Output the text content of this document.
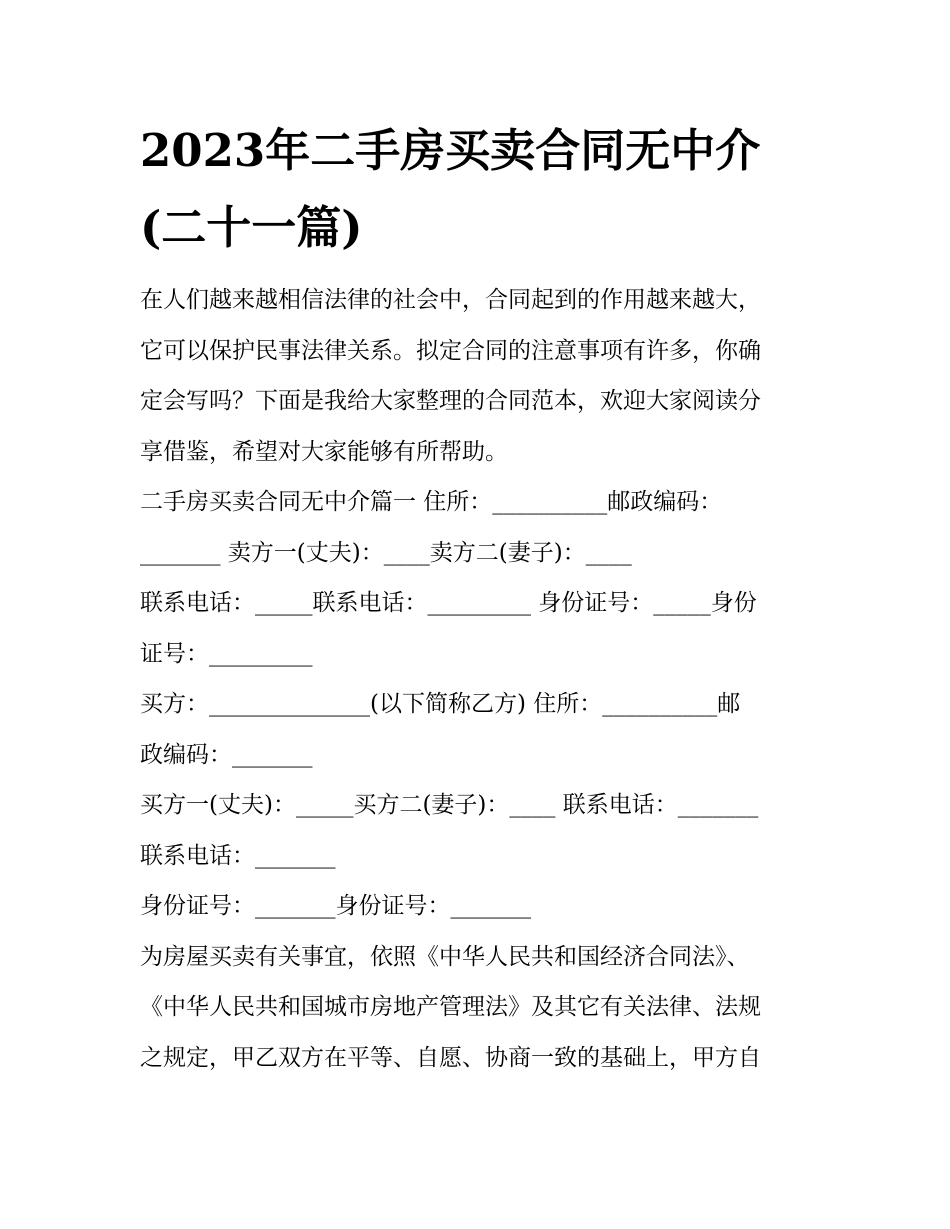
2023年二手房买卖合同无中介
(二十一篇)
在人们越来越相信法律的社会中，合同起到的作用越来越大，
它可以保护民事法律关系。拟定合同的注意事项有许多，你确
定会写吗？下面是我给大家整理的合同范本，欢迎大家阅读分
享借鉴，希望对大家能够有所帮助。
二手房买卖合同无中介篇一 住所：__________邮政编码：
_______ 卖方一(丈夫)：____卖方二(妻子)：____
联系电话：_____联系电话：_________ 身份证号：_____身份
证号：_________
买方：______________(以下简称乙方) 住所：__________邮
政编码：_______
买方一(丈夫)：_____买方二(妻子)：____ 联系电话：_______
联系电话：_______
身份证号：_______身份证号：_______
为房屋买卖有关事宜，依照《中华人民共和国经济合同法》、
《中华人民共和国城市房地产管理法》及其它有关法律、法规
之规定，甲乙双方在平等、自愿、协商一致的基础上，甲方自
